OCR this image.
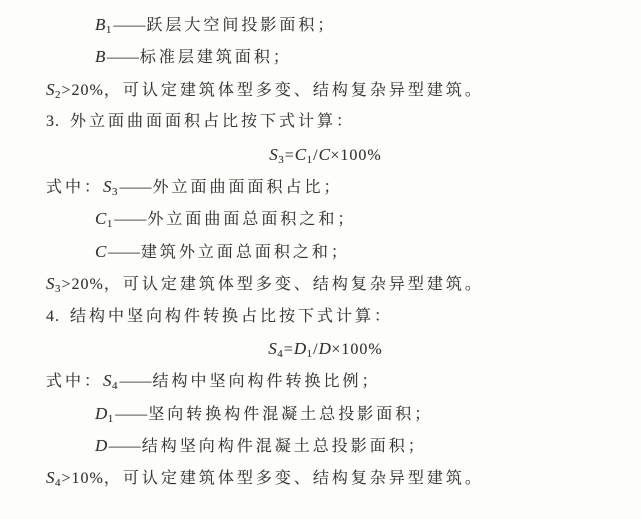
B1 ——跃层大空间投影面积；
B——标准层建筑面积；
S2>20%，可认定建筑体型多变、结构复杂异型建筑。
3. 外立面曲面面积占比按下式计算：
S3=C1/C×100%
式中：S3 ——外立面曲面面积占比；
C1 ——外立面曲面总面积之和；
C——建筑外立面总面积之和；
S3>20%，可认定建筑体型多变、结构复杂异型建筑。
4. 结构中坚向构件转换占比按下式计算：
S4=D1/D×100%
式中：S4 ——结构中坚向构件转换比例；
D1 ——坚向转换构件混凝土总投影面积；
D——结构坚向构件混凝土总投影面积；
S4>10%，可认定建筑体型多变、结构复杂异型建筑。
